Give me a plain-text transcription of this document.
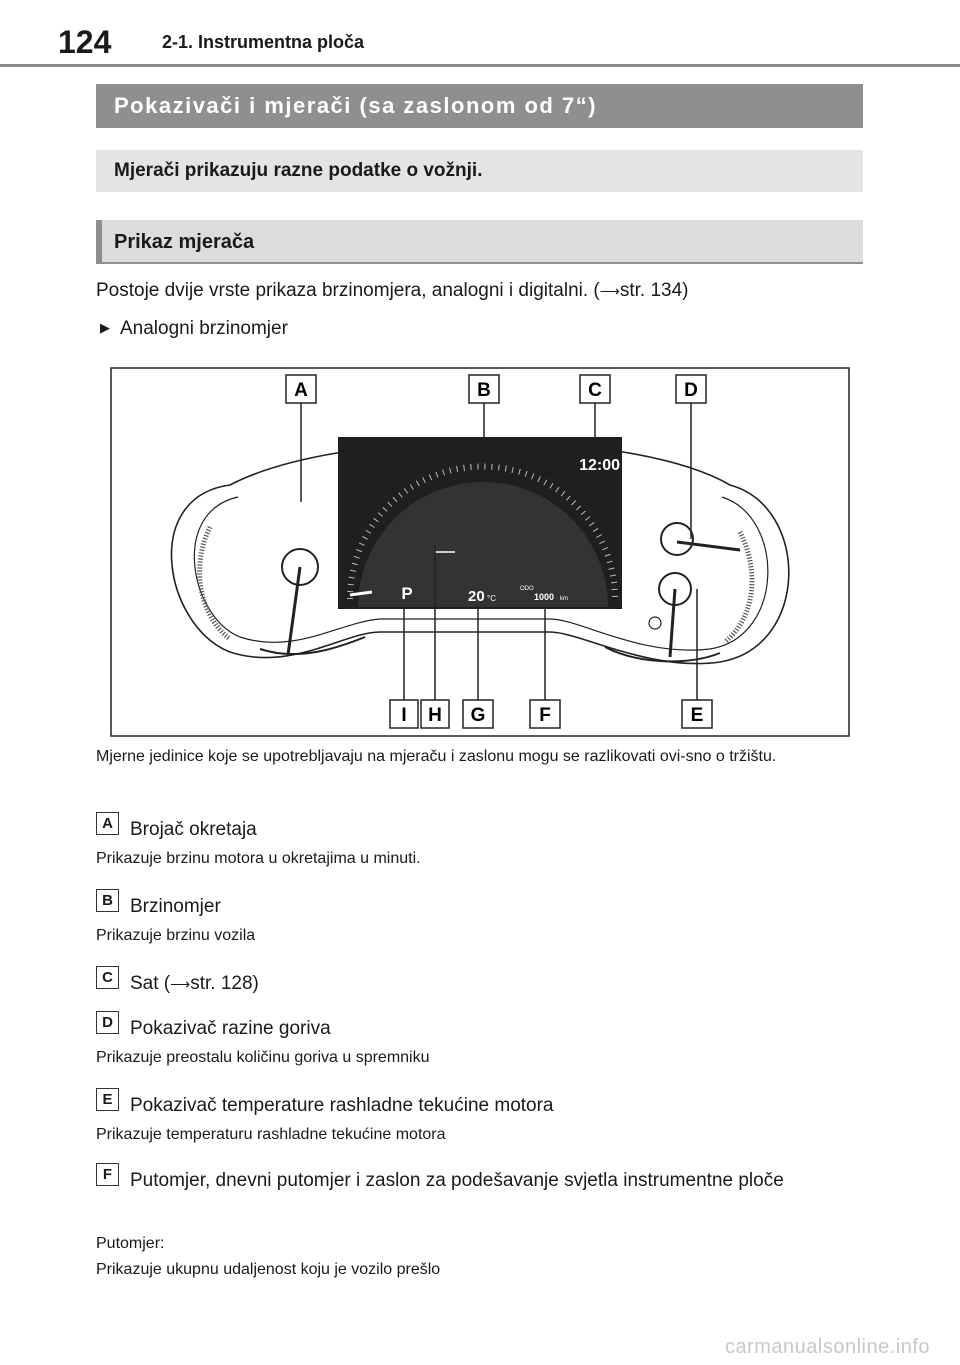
124	2-1. Instrumentna ploča
Pokazivači i mjerači (sa zaslonom od 7“)
Mjerači prikazuju razne podatke o vožnji.
Prikaz mjerača
Postoje dvije vrste prikaza brzinomjera, analogni i digitalni. (⟶str. 134)
▶ Analogni brzinomjer
12:00
P	20 °C
ODO
1000 km
A	B	C	D
I H G	F	E
Mjerne jedinice koje se upotrebljavaju na mjeraču i zaslonu mogu se razlikovati ovi-sno o tržištu.
A Brojač okretaja
Prikazuje brzinu motora u okretajima u minuti.
B Brzinomjer
Prikazuje brzinu vozila
C Sat (⟶str. 128)
D Pokazivač razine goriva
Prikazuje preostalu količinu goriva u spremniku
E Pokazivač temperature rashladne tekućine motora
Prikazuje temperaturu rashladne tekućine motora
F Putomjer, dnevni putomjer i zaslon za podešavanje svjetla instrumentne ploče
Putomjer:
Prikazuje ukupnu udaljenost koju je vozilo prešlo
carmanualsonline.info
